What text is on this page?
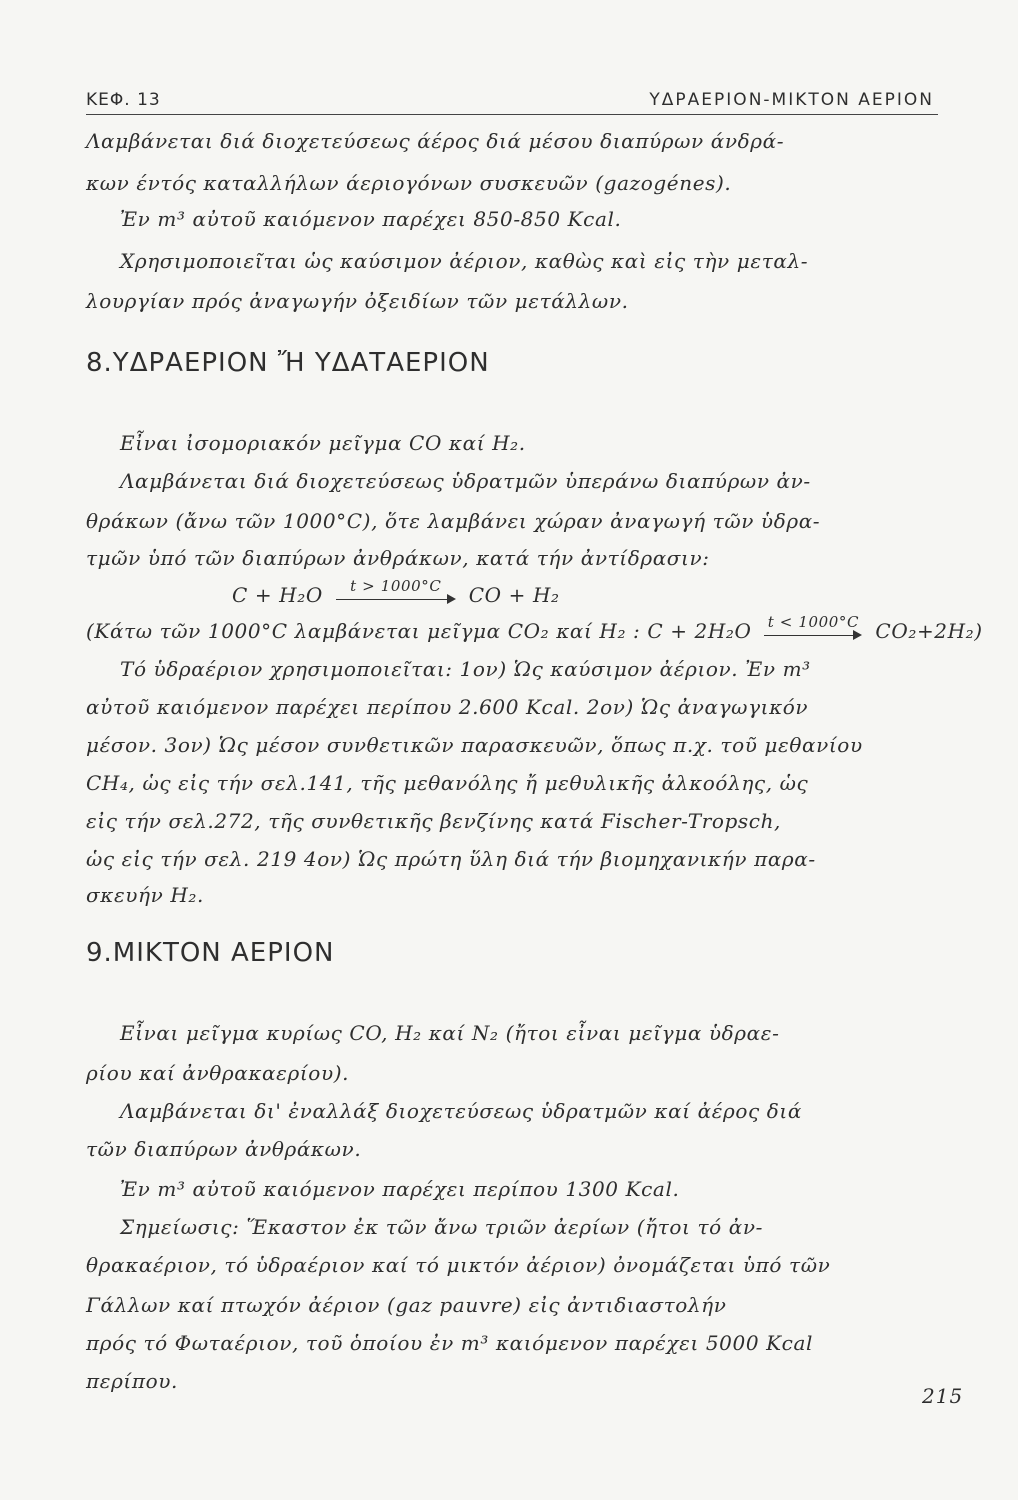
ΚΕΦ. 13	ΥΔΡΑΕΡΙΟΝ-ΜΙΚΤΟΝ ΑΕΡΙΟΝ
Λαμβάνεται διά διοχετεύσεως άέρος διά μέσου διαπύρων άνδρά-
κων έντός καταλλήλων άεριογόνων συσκευῶν (gazogénes).
Ἐν m³ αὐτοῦ καιόμενον παρέχει 850-850 Kcal.
Χρησιμοποιεῖται ὡς καύσιμον ἀέριον, καθὼς καὶ εἰς τὴν μεταλ-
λουργίαν πρός ἀναγωγήν ὀξειδίων τῶν μετάλλων.
8.ΥΔΡΑΕΡΙΟΝ Ἤ ΥΔΑΤΑΕΡΙΟΝ
Εἶναι ἰσομοριακόν μεῖγμα CO καί H₂.
Λαμβάνεται διά διοχετεύσεως ὑδρατμῶν ὑπεράνω διαπύρων ἀν-
θράκων (ἄνω τῶν 1000°C), ὅτε λαμβάνει χώραν ἀναγωγή τῶν ὑδρα-
τμῶν ὑπό τῶν διαπύρων ἀνθράκων, κατά τήν ἀντίδρασιν:
C + H₂O	t > 1000°C	CO + H₂
(Κάτω τῶν 1000°C λαμβάνεται μεῖγμα CO₂ καί H₂ : C + 2H₂O t < 1000°C CO₂+2H₂)
Τό ὑδραέριον χρησιμοποιεῖται: 1ον) Ὡς καύσιμον ἀέριον. Ἐν m³
αὐτοῦ καιόμενον παρέχει περίπου 2.600 Kcal. 2ον) Ὡς ἀναγωγικόν
μέσον. 3ον) Ὡς μέσον συνθετικῶν παρασκευῶν, ὅπως π.χ. τοῦ μεθανίου
CH₄, ὡς εἰς τήν σελ.141, τῆς μεθανόλης ἤ μεθυλικῆς ἀλκοόλης, ὡς
εἰς τήν σελ.272, τῆς συνθετικῆς βενζίνης κατά Fischer-Tropsch,
ὡς εἰς τήν σελ. 219 4ον) Ὡς πρώτη ὕλη διά τήν βιομηχανικήν παρα-
σκευήν H₂.
9.ΜΙΚΤΟΝ ΑΕΡΙΟΝ
Εἶναι μεῖγμα κυρίως CO, H₂ καί N₂ (ἤτοι εἶναι μεῖγμα ὑδραε-
ρίου καί ἀνθρακαερίου).
Λαμβάνεται δι' ἐναλλάξ διοχετεύσεως ὑδρατμῶν καί ἀέρος διά
τῶν διαπύρων ἀνθράκων.
Ἐν m³ αὐτοῦ καιόμενον παρέχει περίπου 1300 Kcal.
Σημείωσις: Ἕκαστον ἐκ τῶν ἄνω τριῶν ἀερίων (ἤτοι τό ἀν-
θρακαέριον, τό ὑδραέριον καί τό μικτόν ἀέριον) ὀνομάζεται ὑπό τῶν
Γάλλων καί πτωχόν ἀέριον (gaz pauvre) εἰς ἀντιδιαστολήν
πρός τό Φωταέριον, τοῦ ὁποίου ἐν m³ καιόμενον παρέχει 5000 Kcal
περίπου.
215
